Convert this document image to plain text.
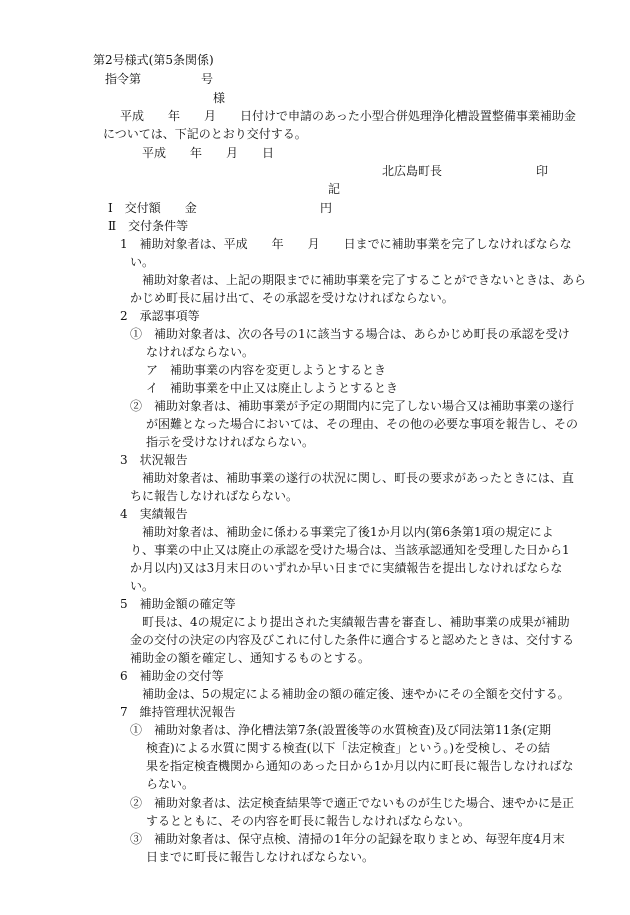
第2号様式(第5条関係)
指令第　　　　　号
様
平成　　年　　月　　日付けで申請のあった小型合併処理浄化槽設置整備事業補助金
については、下記のとおり交付する。
平成　　年　　月　　日
北広島町長	印
記
Ⅰ　交付額　　金	円
Ⅱ　交付条件等
1　補助対象者は、平成　　年　　月　　日までに補助事業を完了しなければならな
い。
補助対象者は、上記の期限までに補助事業を完了することができないときは、あら
かじめ町長に届け出て、その承認を受けなければならない。
2　承認事項等
①　補助対象者は、次の各号の1に該当する場合は、あらかじめ町長の承認を受け
なければならない。
ア　補助事業の内容を変更しようとするとき
イ　補助事業を中止又は廃止しようとするとき
②　補助対象者は、補助事業が予定の期間内に完了しない場合又は補助事業の遂行
が困難となった場合においては、その理由、その他の必要な事項を報告し、その
指示を受けなければならない。
3　状況報告
補助対象者は、補助事業の遂行の状況に関し、町長の要求があったときには、直
ちに報告しなければならない。
4　実績報告
補助対象者は、補助金に係わる事業完了後1か月以内(第6条第1項の規定によ
り、事業の中止又は廃止の承認を受けた場合は、当該承認通知を受理した日から1
か月以内)又は3月末日のいずれか早い日までに実績報告を提出しなければならな
い。
5　補助金額の確定等
町長は、4の規定により提出された実績報告書を審査し、補助事業の成果が補助
金の交付の決定の内容及びこれに付した条件に適合すると認めたときは、交付する
補助金の額を確定し、通知するものとする。
6　補助金の交付等
補助金は、5の規定による補助金の額の確定後、速やかにその全額を交付する。
7　維持管理状況報告
①　補助対象者は、浄化槽法第7条(設置後等の水質検査)及び同法第11条(定期
検査)による水質に関する検査(以下「法定検査」という。)を受検し、その結
果を指定検査機関から通知のあった日から1か月以内に町長に報告しなければな
らない。
②　補助対象者は、法定検査結果等で適正でないものが生じた場合、速やかに是正
するとともに、その内容を町長に報告しなければならない。
③　補助対象者は、保守点検、清掃の1年分の記録を取りまとめ、毎翌年度4月末
日までに町長に報告しなければならない。
